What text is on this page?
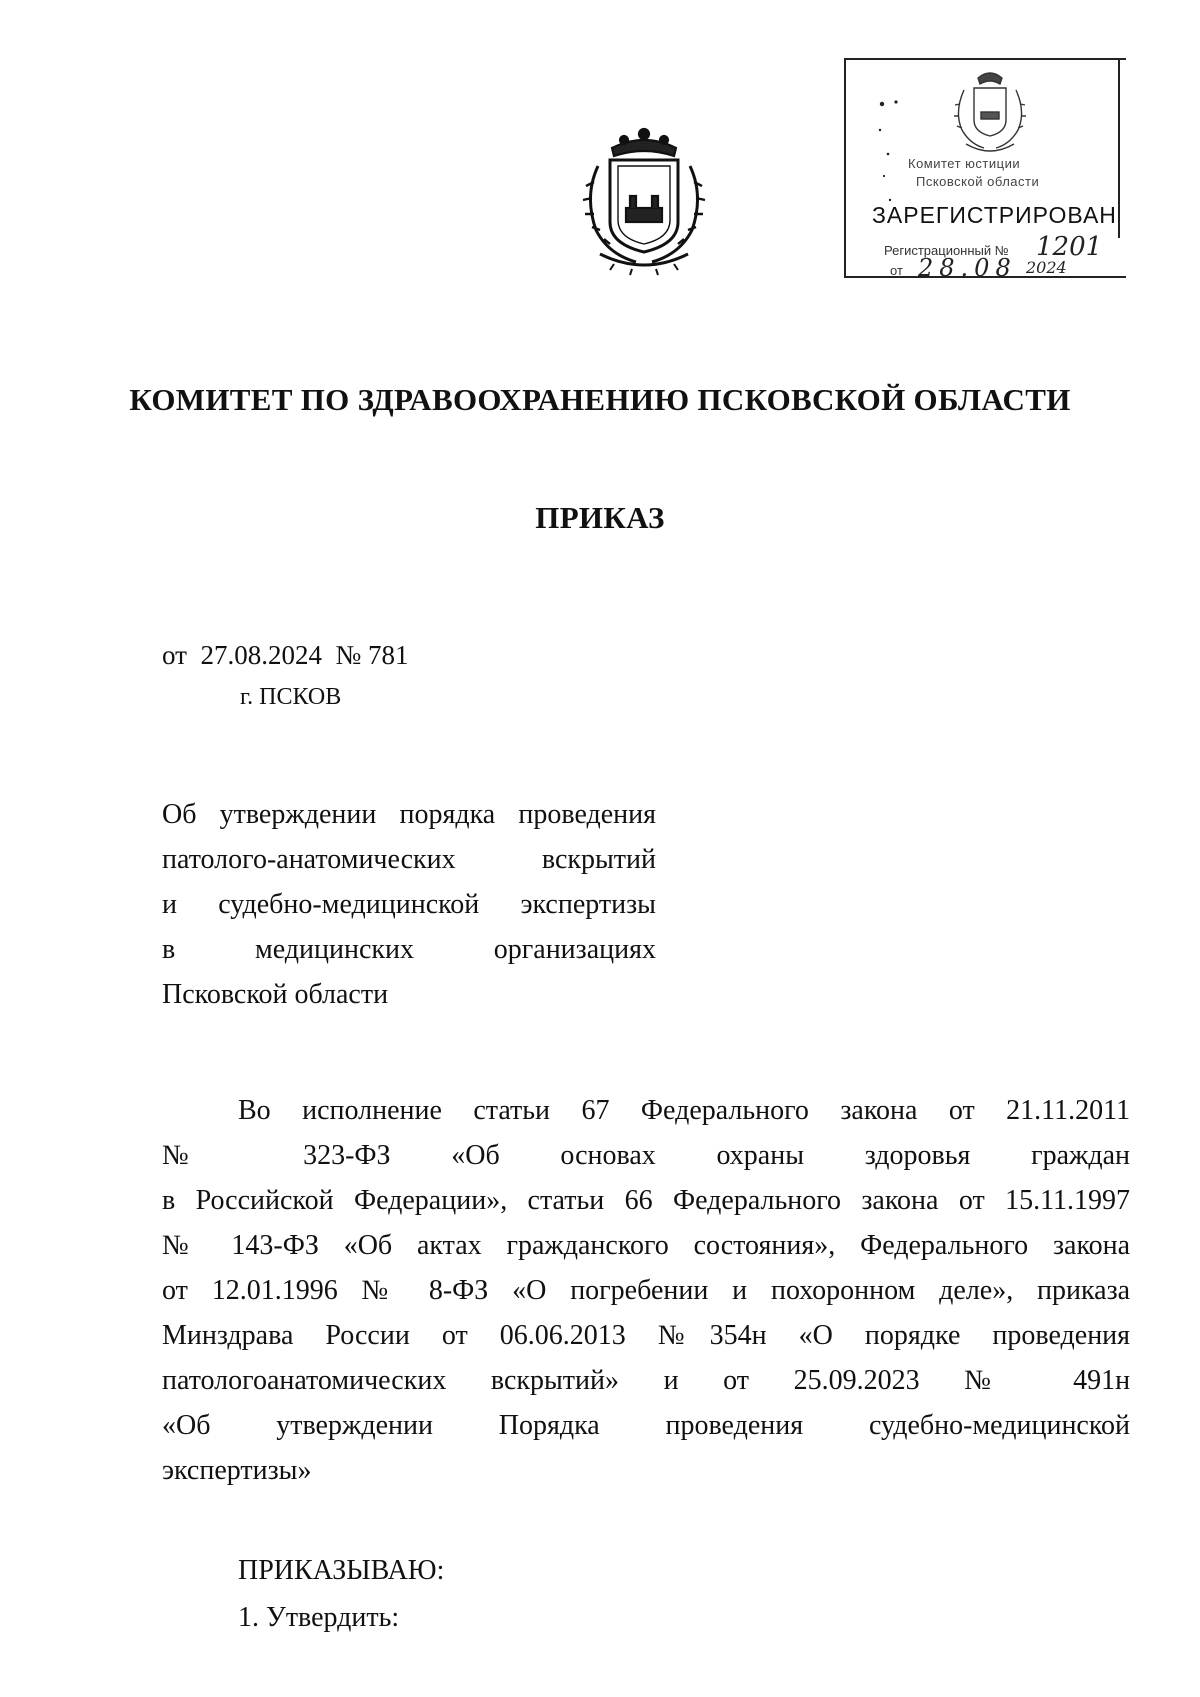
Комитет юстиции
Псковской области
ЗАРЕГИСТРИРОВАН
Регистрационный № 1201
от 28.08 2024
КОМИТЕТ ПО ЗДРАВООХРАНЕНИЮ ПСКОВСКОЙ ОБЛАСТИ
ПРИКАЗ
от  27.08.2024  № 781
г. ПСКОВ
Об утверждении порядка проведения
патолого-анатомических	вскрытий
и судебно-медицинской экспертизы
в	медицинских	организациях
Псковской области
Во исполнение статьи 67 Федерального закона от 21.11.2011
№ 323-ФЗ «Об основах охраны здоровья граждан
в Российской Федерации», статьи 66 Федерального закона от 15.11.1997
№ 143-ФЗ «Об актах гражданского состояния», Федерального закона
от 12.01.1996 № 8-ФЗ «О погребении и похоронном деле», приказа
Минздрава России от 06.06.2013 №354н «О порядке проведения
патологоанатомических вскрытий» и от 25.09.2023 № 491н
«Об утверждении Порядка проведения судебно-медицинской
экспертизы»
ПРИКАЗЫВАЮ:
1. Утвердить:
